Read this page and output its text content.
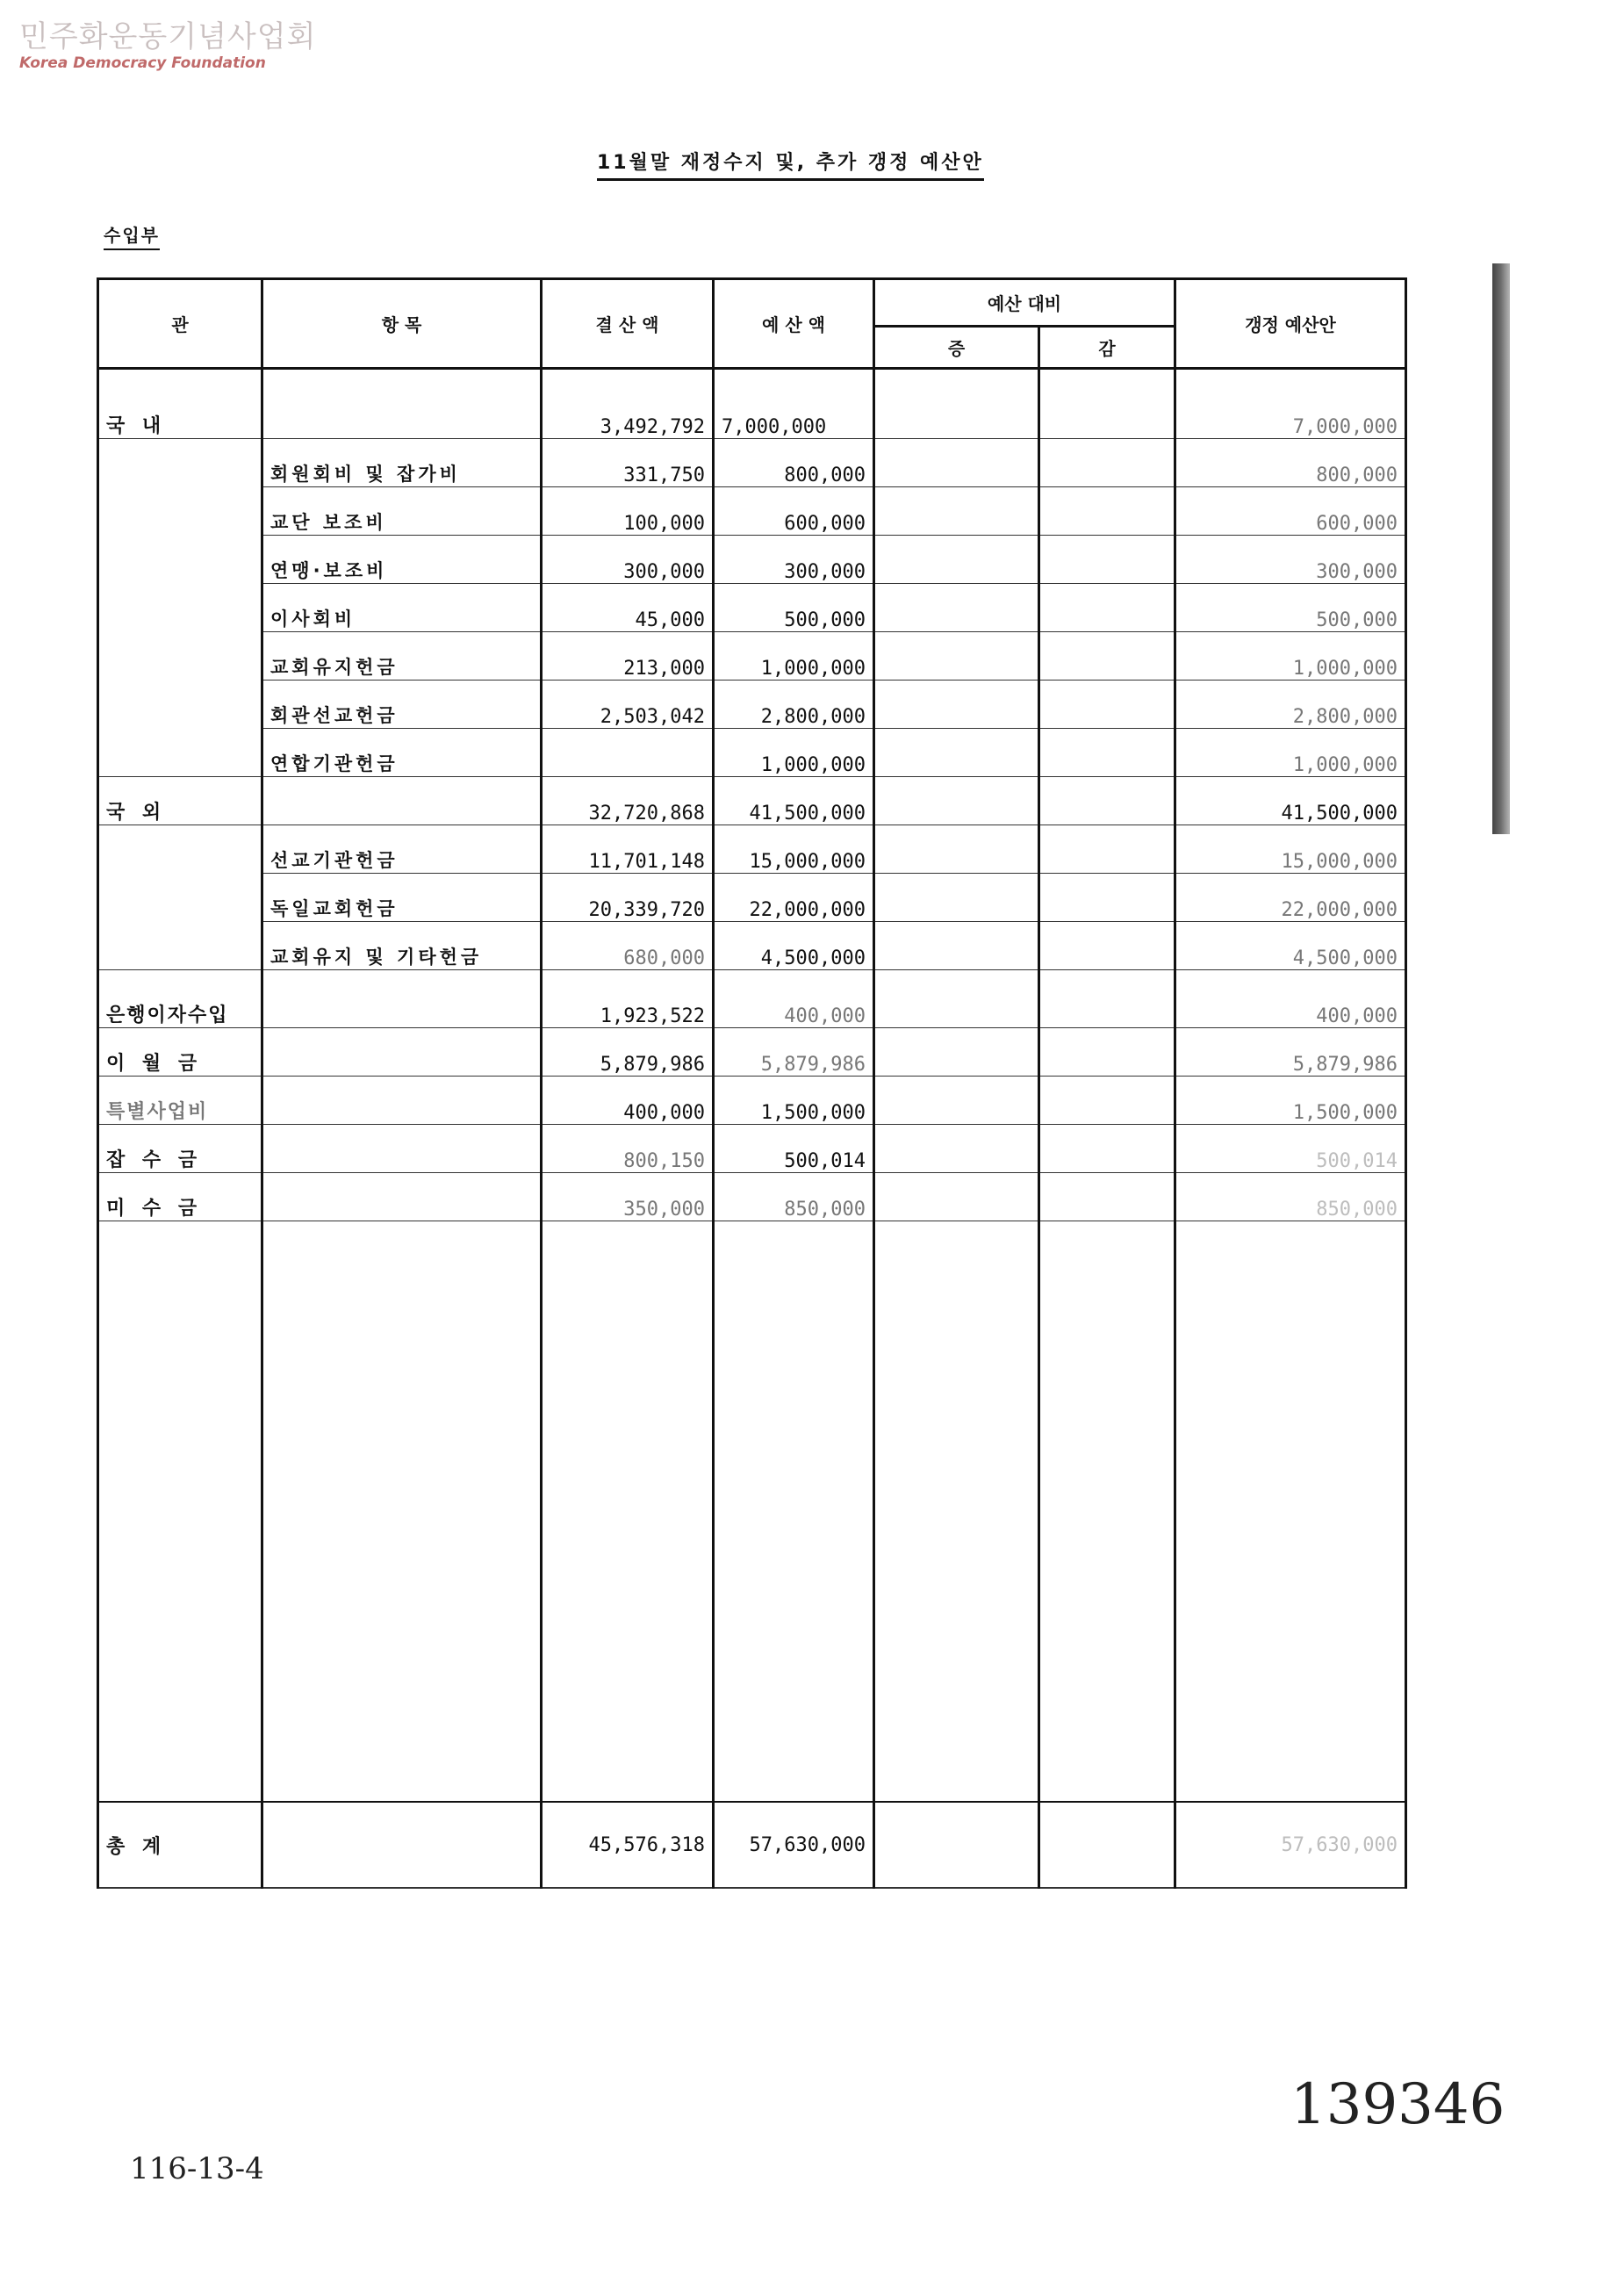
민주화운동기념사업회
Korea Democracy Foundation
11월말 재정수지 및, 추가 갱정 예산안
수입부
관	항 목	결 산 액	예 산 액	예산 대비		갱정 예산안
				증	감	
국 내		3,492,792	7,000,000			7,000,000
	회원회비 및 잡가비	331,750	800,000			800,000
	교단 보조비	100,000	600,000			600,000
	연맹·보조비	300,000	300,000			300,000
	이사회비	45,000	500,000			500,000
	교회유지헌금	213,000	1,000,000			1,000,000
	회관선교헌금	2,503,042	2,800,000			2,800,000
	연합기관헌금		1,000,000			1,000,000
국 외		32,720,868	41,500,000			41,500,000
	선교기관헌금	11,701,148	15,000,000			15,000,000
	독일교회헌금	20,339,720	22,000,000			22,000,000
	교회유지 및 기타헌금	680,000	4,500,000			4,500,000
은행이자수입		1,923,522	400,000			400,000
이 월 금		5,879,986	5,879,986			5,879,986
특별사업비		400,000	1,500,000			1,500,000
잡 수 금		800,150	500,014			500,014
미 수 금		350,000	850,000			850,000

총 계		45,576,318	57,630,000			57,630,000
116-13-4
139346
